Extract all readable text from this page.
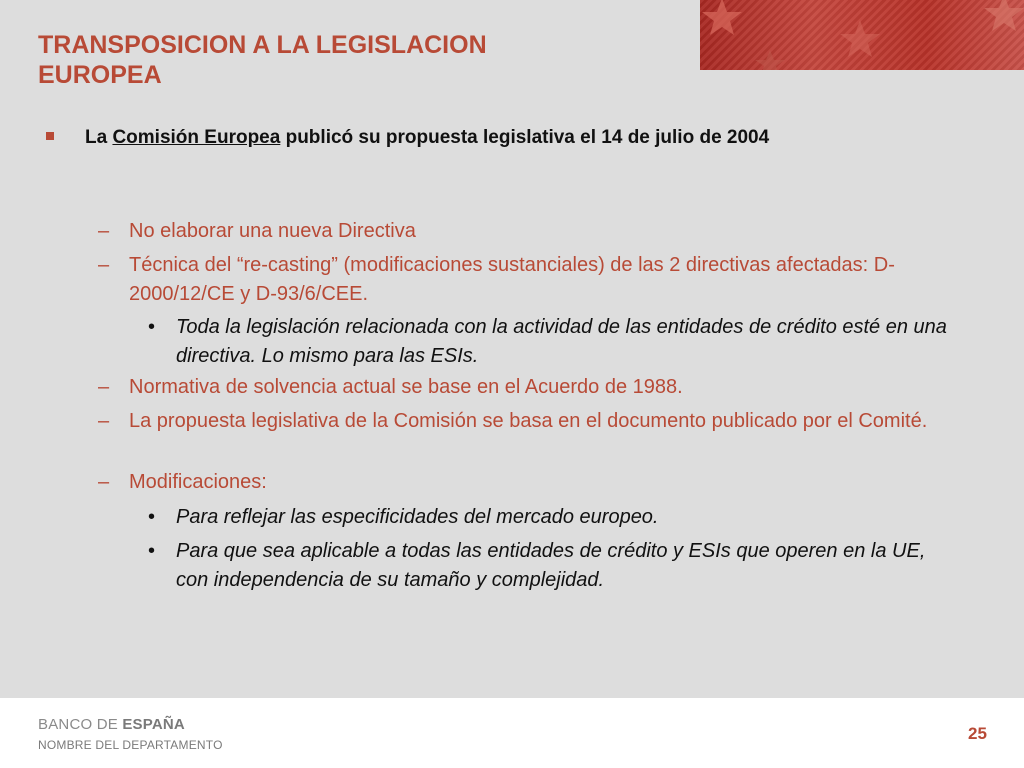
TRANSPOSICION A LA LEGISLACION
EUROPEA
La Comisión Europea publicó su propuesta legislativa el 14 de julio de 2004
– No elaborar una nueva Directiva
– Técnica del “re-casting” (modificaciones sustanciales) de las 2 directivas afectadas: D-2000/12/CE y D-93/6/CEE.
• Toda la legislación relacionada con la actividad de las entidades de crédito esté en una directiva. Lo mismo para las ESIs.
– Normativa de solvencia actual se base en el Acuerdo de 1988.
– La propuesta legislativa de la Comisión se basa en el documento publicado por el Comité.
– Modificaciones:
• Para reflejar las especificidades del mercado europeo.
• Para que sea aplicable a todas las entidades de crédito y ESIs que operen en la UE, con independencia de su tamaño y complejidad.
BANCO DE ESPAÑA
NOMBRE DEL DEPARTAMENTO
25
